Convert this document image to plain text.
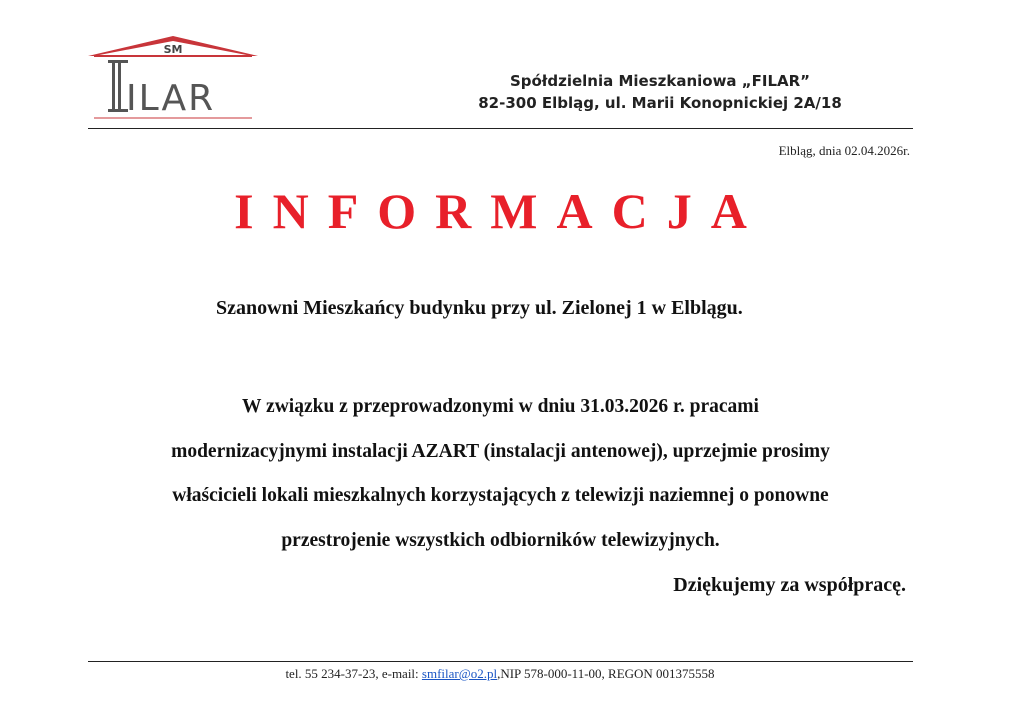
SM
ILAR	Spółdzielnia Mieszkaniowa „FILAR”
82-300 Elbląg, ul. Marii Konopnickiej 2A/18
Elbląg, dnia 02.04.2026r.
INFORMACJA
Szanowni Mieszkańcy budynku przy ul. Zielonej 1 w Elblągu.
W związku z przeprowadzonymi w dniu 31.03.2026 r. pracami
modernizacyjnymi instalacji AZART (instalacji antenowej), uprzejmie prosimy
właścicieli lokali mieszkalnych korzystających z telewizji naziemnej o ponowne
przestrojenie wszystkich odbiorników telewizyjnych.
Dziękujemy za współpracę.
tel. 55 234-37-23, e-mail: smfilar@o2.pl,NIP 578-000-11-00, REGON 001375558
